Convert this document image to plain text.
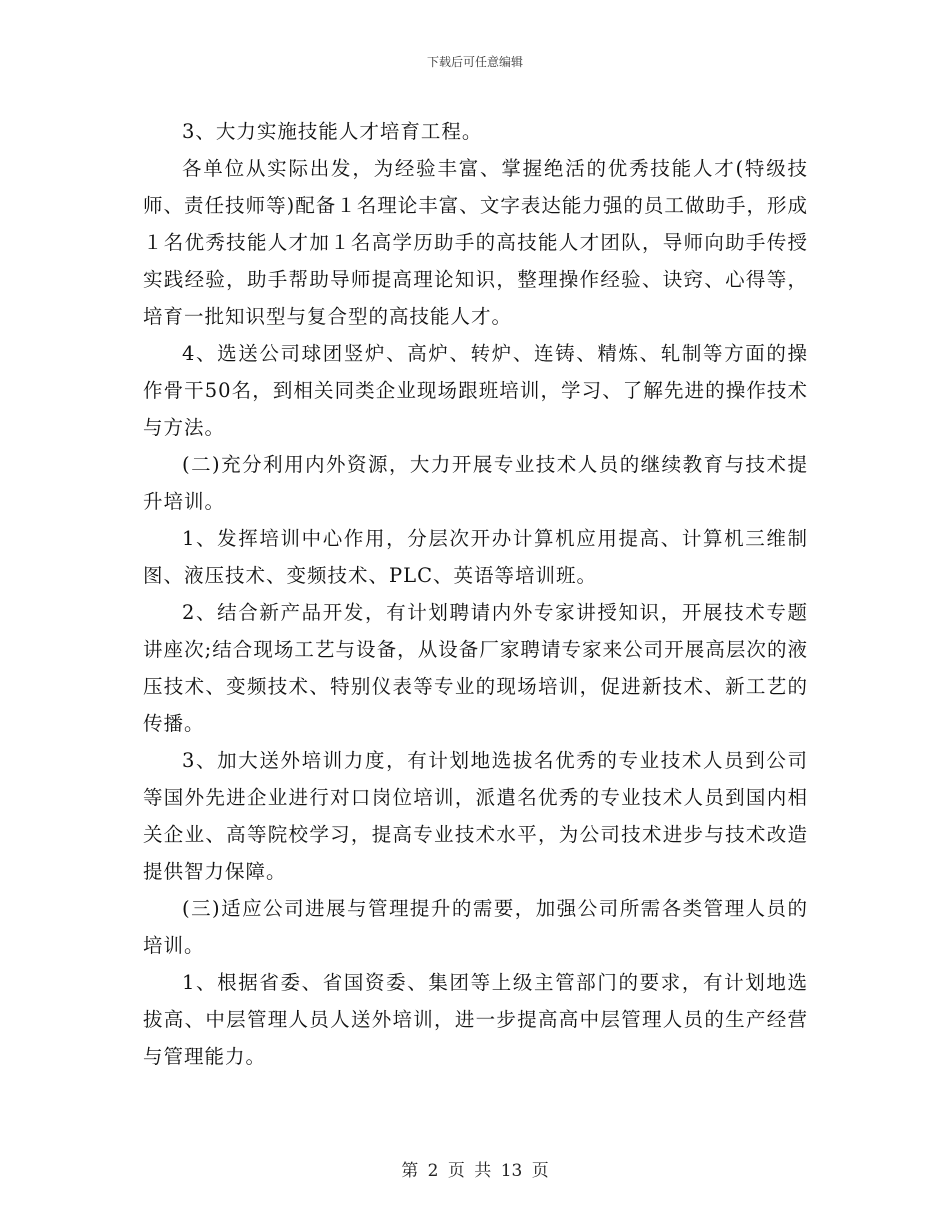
下载后可任意编辑

3、大力实施技能人才培育工程。

各单位从实际出发，为经验丰富、掌握绝活的优秀技能人才(特级技师、责任技师等)配备１名理论丰富、文字表达能力强的员工做助手，形成１名优秀技能人才加１名高学历助手的高技能人才团队，导师向助手传授实践经验，助手帮助导师提高理论知识，整理操作经验、诀窍、心得等，培育一批知识型与复合型的高技能人才。

4、选送公司球团竖炉、高炉、转炉、连铸、精炼、轧制等方面的操作骨干50名，到相关同类企业现场跟班培训，学习、了解先进的操作技术与方法。

(二)充分利用内外资源，大力开展专业技术人员的继续教育与技术提升培训。

1、发挥培训中心作用，分层次开办计算机应用提高、计算机三维制图、液压技术、变频技术、PLC、英语等培训班。

2、结合新产品开发，有计划聘请内外专家讲授知识，开展技术专题讲座次;结合现场工艺与设备，从设备厂家聘请专家来公司开展高层次的液压技术、变频技术、特别仪表等专业的现场培训，促进新技术、新工艺的传播。

3、加大送外培训力度，有计划地选拔名优秀的专业技术人员到公司等国外先进企业进行对口岗位培训，派遣名优秀的专业技术人员到国内相关企业、高等院校学习，提高专业技术水平，为公司技术进步与技术改造提供智力保障。

(三)适应公司进展与管理提升的需要，加强公司所需各类管理人员的培训。

1、根据省委、省国资委、集团等上级主管部门的要求，有计划地选拔高、中层管理人员人送外培训，进一步提高高中层管理人员的生产经营与管理能力。

第 2 页 共 13 页
